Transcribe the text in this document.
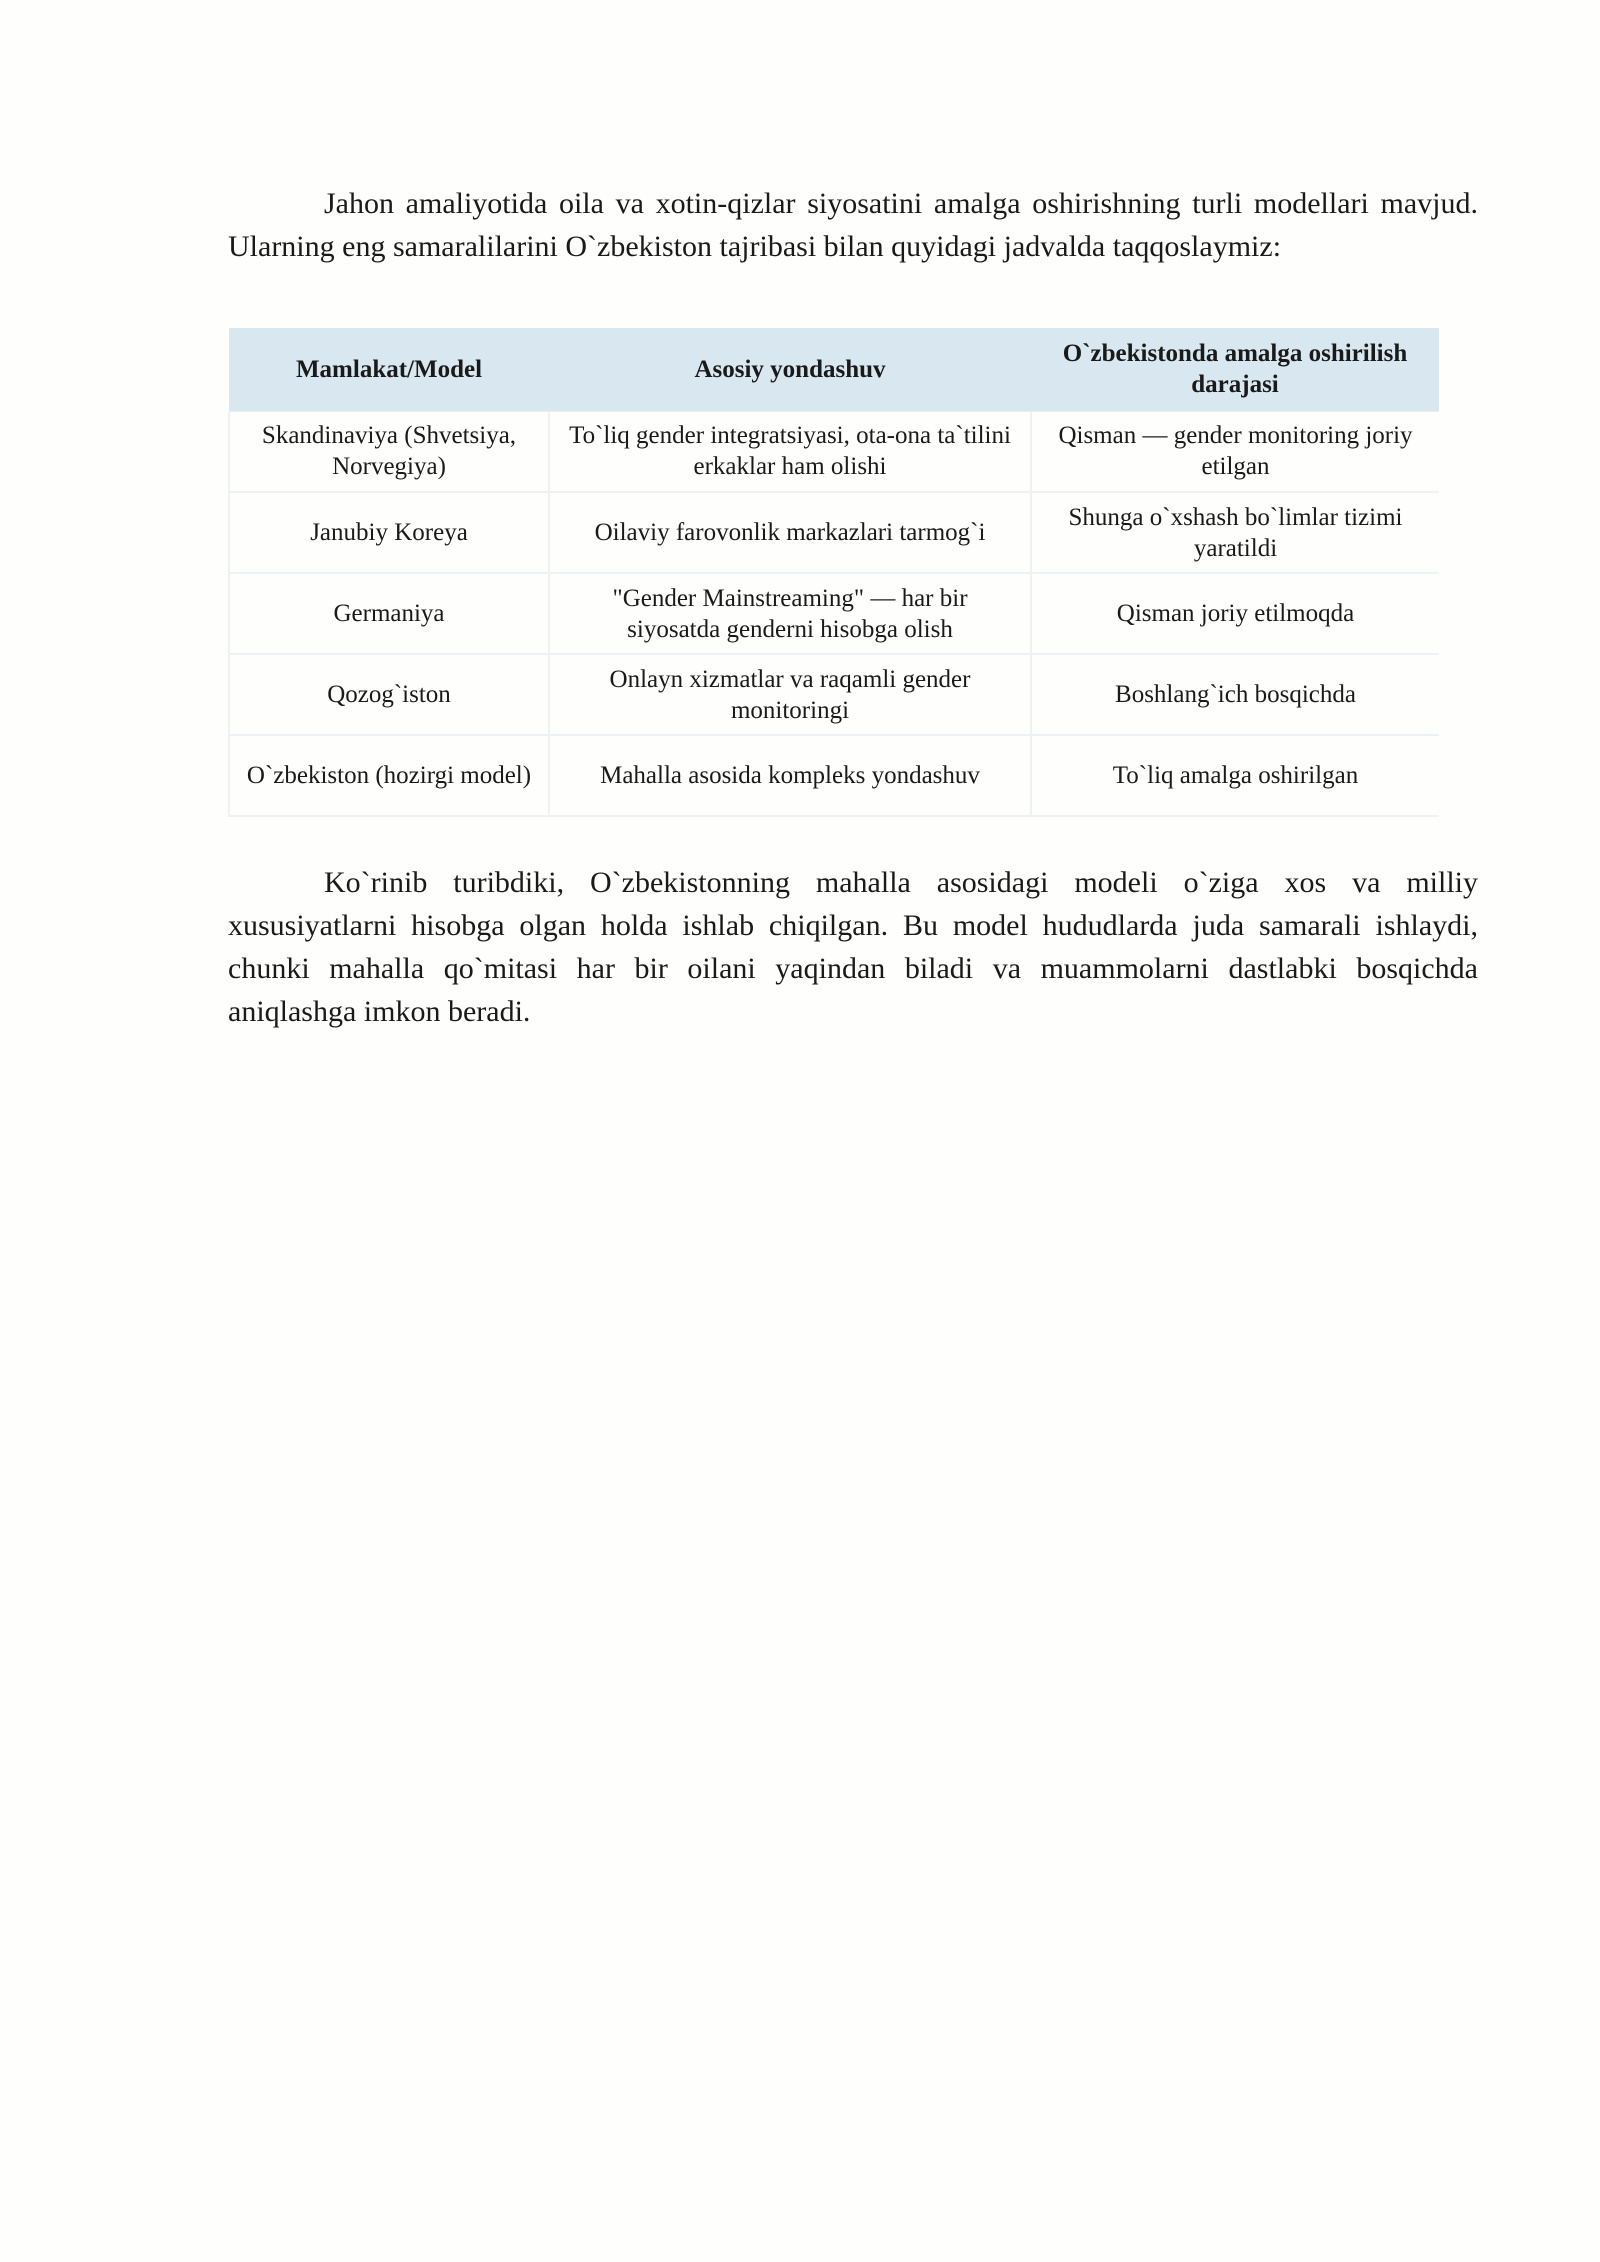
Jahon amaliyotida oila va xotin-qizlar siyosatini amalga oshirishning turli modellari mavjud. Ularning eng samaralilarini O`zbekiston tajribasi bilan quyidagi jadvalda taqqoslaymiz:

Mamlakat/Model	Asosiy yondashuv	O`zbekistonda amalga oshirilish darajasi
Skandinaviya (Shvetsiya, Norvegiya)	To`liq gender integratsiyasi, ota-ona ta`tilini erkaklar ham olishi	Qisman — gender monitoring joriy etilgan
Janubiy Koreya	Oilaviy farovonlik markazlari tarmog`i	Shunga o`xshash bo`limlar tizimi yaratildi
Germaniya	"Gender Mainstreaming" — har bir siyosatda genderni hisobga olish	Qisman joriy etilmoqda
Qozog`iston	Onlayn xizmatlar va raqamli gender monitoringi	Boshlang`ich bosqichda
O`zbekiston (hozirgi model)	Mahalla asosida kompleks yondashuv	To`liq amalga oshirilgan

Ko`rinib turibdiki, O`zbekistonning mahalla asosidagi modeli o`ziga xos va milliy xususiyatlarni hisobga olgan holda ishlab chiqilgan. Bu model hududlarda juda samarali ishlaydi, chunki mahalla qo`mitasi har bir oilani yaqindan biladi va muammolarni dastlabki bosqichda aniqlashga imkon beradi.
